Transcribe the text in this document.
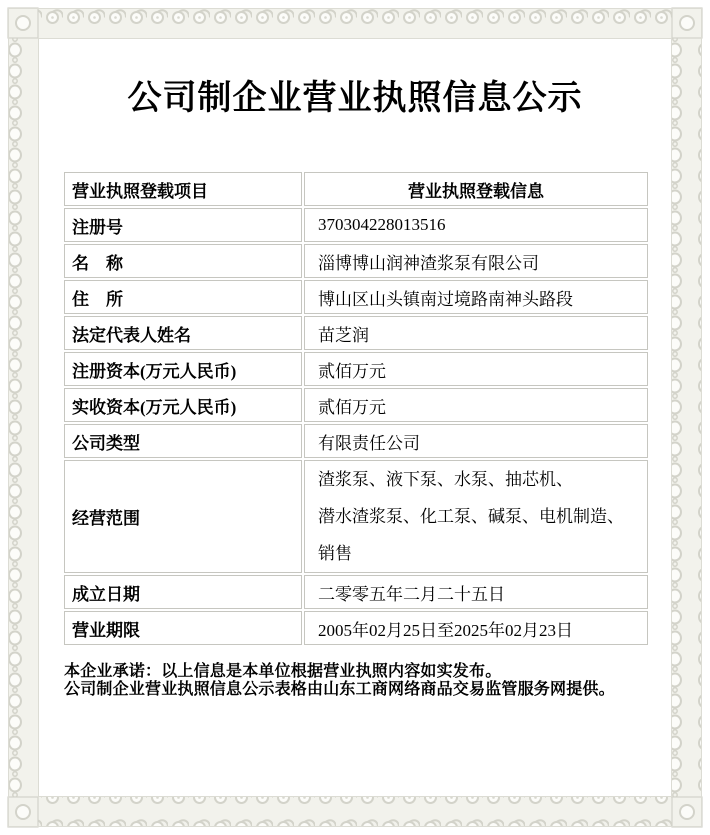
公司制企业营业执照信息公示
营业执照登载项目	营业执照登载信息
注册号	370304228013516
名　称	淄博博山润神渣浆泵有限公司
住　所	博山区山头镇南过境路南神头路段
法定代表人姓名	苗芝润
注册资本(万元人民币)	贰佰万元
实收资本(万元人民币)	贰佰万元
公司类型	有限责任公司
经营范围	渣浆泵、液下泵、水泵、抽芯机、
潜水渣浆泵、化工泵、碱泵、电机制造、
销售

成立日期	二零零五年二月二十五日
营业期限	2005年02月25日至2025年02月23日
本企业承诺：以上信息是本单位根据营业执照内容如实发布。
公司制企业营业执照信息公示表格由山东工商网络商品交易监管服务网提供。
